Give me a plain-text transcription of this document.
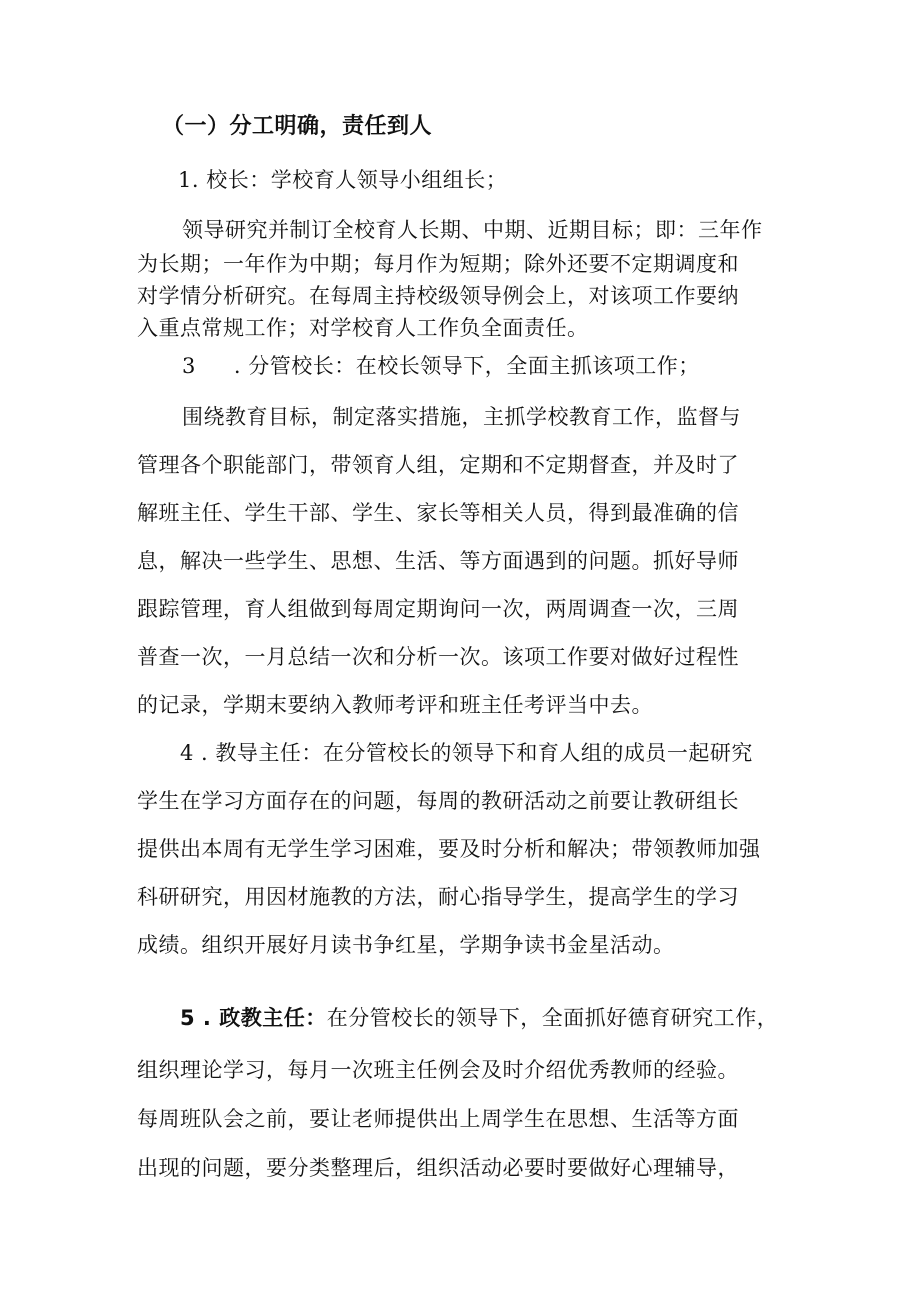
（一）分工明确，责任到人
1. 校长：学校育人领导小组组长；
领导研究并制订全校育人长期、中期、近期目标；即：三年作
为长期；一年作为中期；每月作为短期；除外还要不定期调度和
对学情分析研究。在每周主持校级领导例会上，对该项工作要纳
入重点常规工作；对学校育人工作负全面责任。
3 . 分管校长：在校长领导下，全面主抓该项工作；
围绕教育目标，制定落实措施，主抓学校教育工作，监督与
管理各个职能部门，带领育人组，定期和不定期督查，并及时了
解班主任、学生干部、学生、家长等相关人员，得到最准确的信
息，解决一些学生、思想、生活、等方面遇到的问题。抓好导师
跟踪管理，育人组做到每周定期询问一次，两周调查一次，三周
普查一次，一月总结一次和分析一次。该项工作要对做好过程性
的记录，学期末要纳入教师考评和班主任考评当中去。
4 . 教导主任：在分管校长的领导下和育人组的成员一起研究
学生在学习方面存在的问题，每周的教研活动之前要让教研组长
提供出本周有无学生学习困难，要及时分析和解决；带领教师加强
科研研究，用因材施教的方法，耐心指导学生，提高学生的学习
成绩。组织开展好月读书争红星，学期争读书金星活动。
5 . 政教主任：在分管校长的领导下，全面抓好德育研究工作，
组织理论学习，每月一次班主任例会及时介绍优秀教师的经验。
每周班队会之前，要让老师提供出上周学生在思想、生活等方面
出现的问题，要分类整理后，组织活动必要时要做好心理辅导，
